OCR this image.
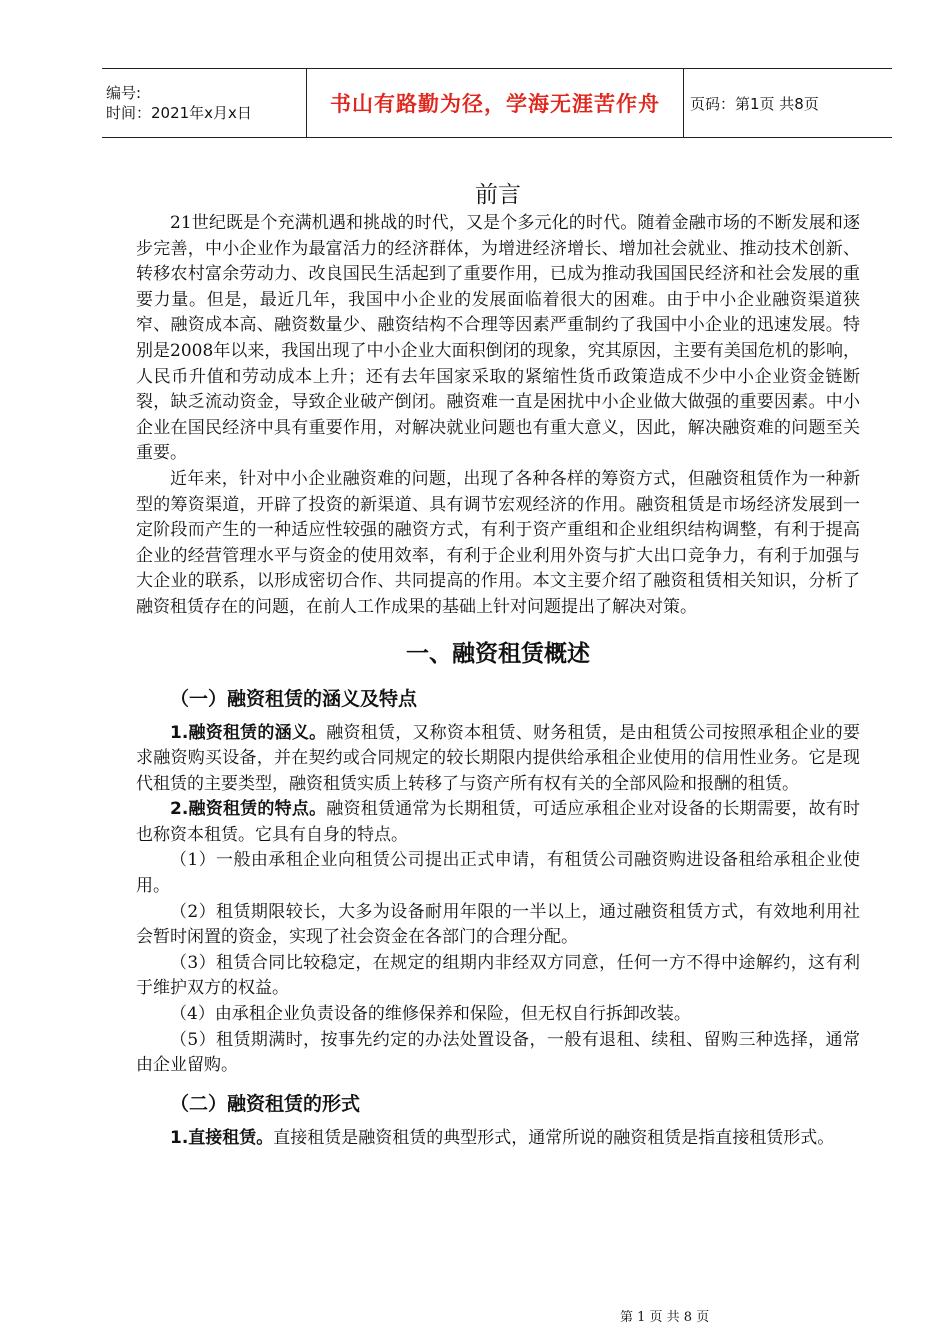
编号:
时间：2021年x月x日	书山有路勤为径，学海无涯苦作舟 页码：第1页 共8页
前言

21世纪既是个充满机遇和挑战的时代，又是个多元化的时代。随着金融市场的不断发展和逐步完善，中小企业作为最富活力的经济群体，为增进经济增长、增加社会就业、推动技术创新、转移农村富余劳动力、改良国民生活起到了重要作用，已成为推动我国国民经济和社会发展的重要力量。但是，最近几年，我国中小企业的发展面临着很大的困难。由于中小企业融资渠道狭窄、融资成本高、融资数量少、融资结构不合理等因素严重制约了我国中小企业的迅速发展。特别是2008年以来，我国出现了中小企业大面积倒闭的现象，究其原因，主要有美国危机的影响，人民币升值和劳动成本上升；还有去年国家采取的紧缩性货币政策造成不少中小企业资金链断裂，缺乏流动资金，导致企业破产倒闭。融资难一直是困扰中小企业做大做强的重要因素。中小企业在国民经济中具有重要作用，对解决就业问题也有重大意义，因此，解决融资难的问题至关重要。

近年来，针对中小企业融资难的问题，出现了各种各样的筹资方式，但融资租赁作为一种新型的筹资渠道，开辟了投资的新渠道、具有调节宏观经济的作用。融资租赁是市场经济发展到一定阶段而产生的一种适应性较强的融资方式，有利于资产重组和企业组织结构调整，有利于提高企业的经营管理水平与资金的使用效率，有利于企业利用外资与扩大出口竞争力，有利于加强与大企业的联系，以形成密切合作、共同提高的作用。本文主要介绍了融资租赁相关知识，分析了融资租赁存在的问题，在前人工作成果的基础上针对问题提出了解决对策。

一、融资租赁概述
（一）融资租赁的涵义及特点

1.融资租赁的涵义。融资租赁，又称资本租赁、财务租赁，是由租赁公司按照承租企业的要求融资购买设备，并在契约或合同规定的较长期限内提供给承租企业使用的信用性业务。它是现代租赁的主要类型，融资租赁实质上转移了与资产所有权有关的全部风险和报酬的租赁。

2.融资租赁的特点。融资租赁通常为长期租赁，可适应承租企业对设备的长期需要，故有时也称资本租赁。它具有自身的特点。

（1）一般由承租企业向租赁公司提出正式申请，有租赁公司融资购进设备租给承租企业使用。

（2）租赁期限较长，大多为设备耐用年限的一半以上，通过融资租赁方式，有效地利用社会暂时闲置的资金，实现了社会资金在各部门的合理分配。

（3）租赁合同比较稳定，在规定的组期内非经双方同意，任何一方不得中途解约，这有利于维护双方的权益。

（4）由承租企业负责设备的维修保养和保险，但无权自行拆卸改装。

（5）租赁期满时，按事先约定的办法处置设备，一般有退租、续租、留购三种选择，通常由企业留购。

（二）融资租赁的形式

1.直接租赁。直接租赁是融资租赁的典型形式，通常所说的融资租赁是指直接租赁形式。

第 1 页 共 8 页
